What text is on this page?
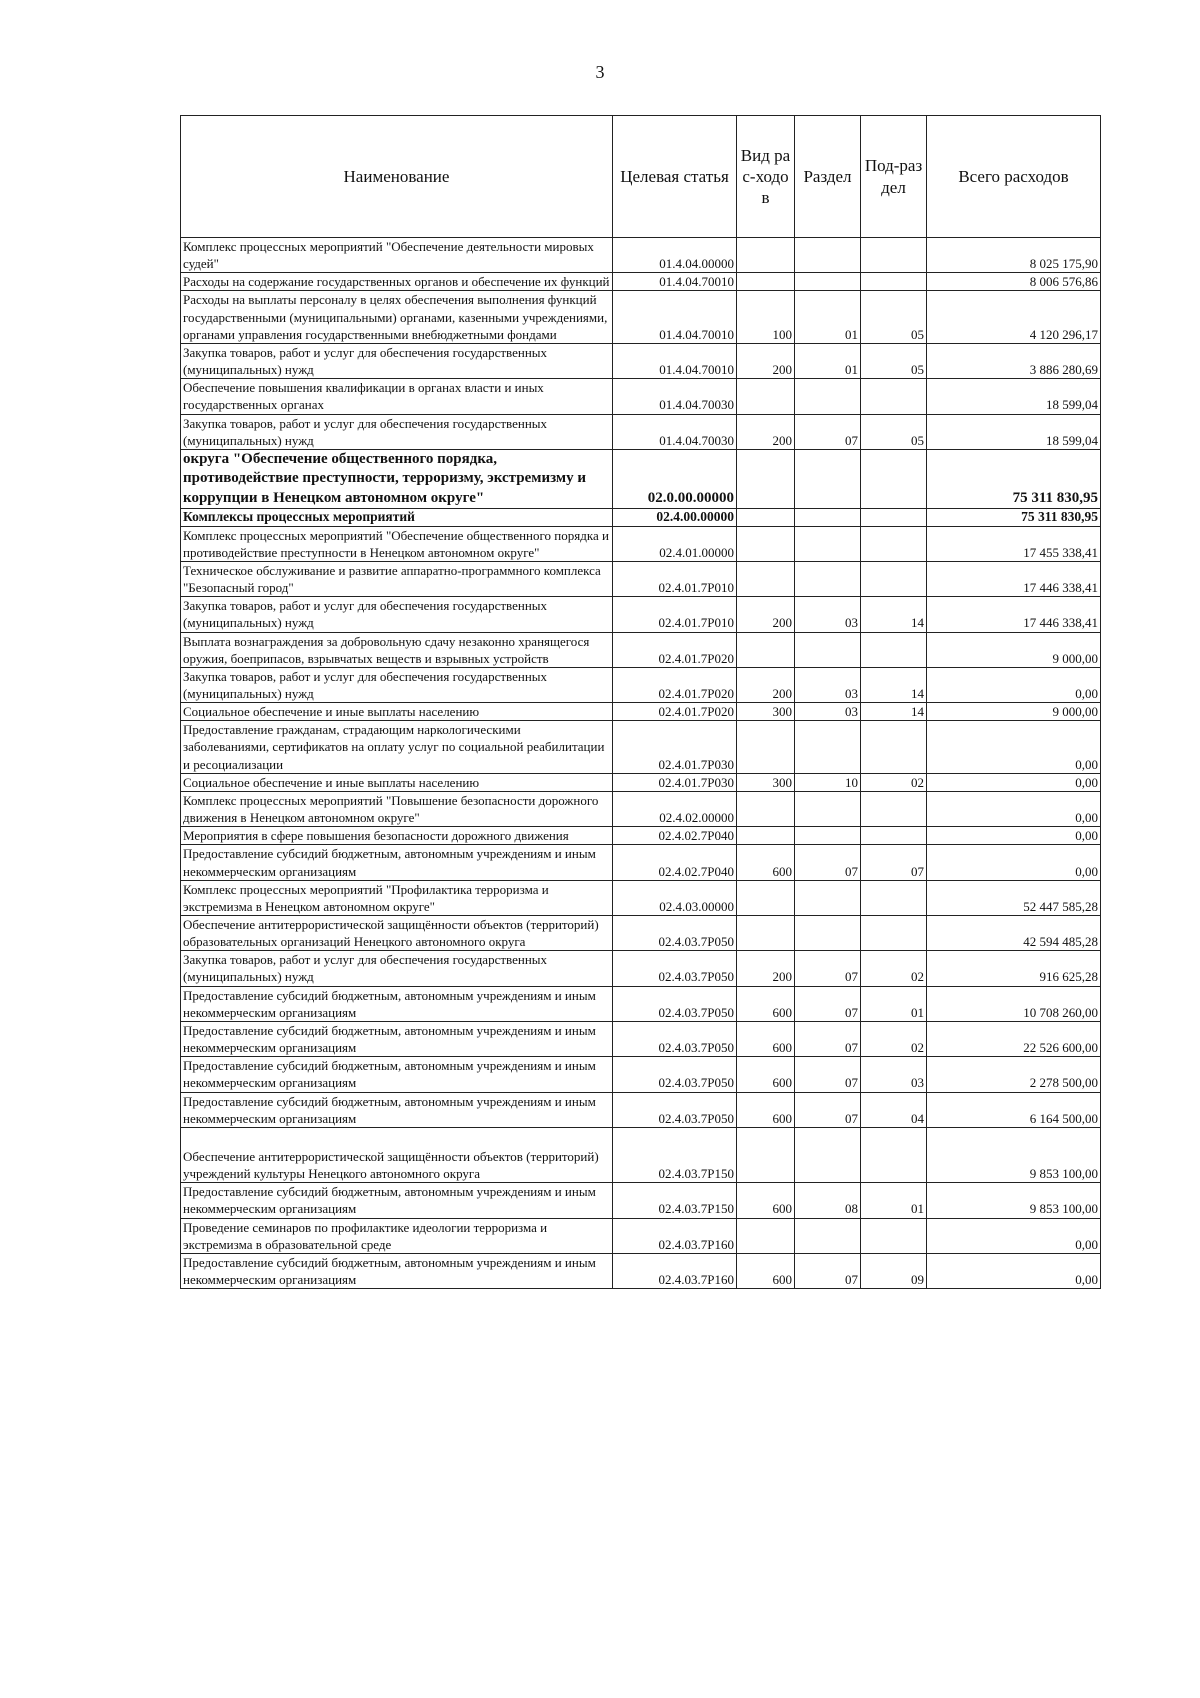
3
Наименование	Целевая статья	Вид рас-ходов	Раздел	Под-раздел	Всего расходов
Комплекс процессных мероприятий "Обеспечение деятельности мировых судей"	01.4.04.00000				8 025 175,90
Расходы на содержание государственных органов и обеспечение их функций	01.4.04.70010				8 006 576,86
Расходы на выплаты персоналу в целях обеспечения выполнения функций государственными (муниципальными) органами, казенными учреждениями, органами управления государственными внебюджетными фондами	01.4.04.70010	100	01	05	4 120 296,17
Закупка товаров, работ и услуг для обеспечения государственных (муниципальных) нужд	01.4.04.70010	200	01	05	3 886 280,69
Обеспечение повышения квалификации в органах власти и иных государственных органах	01.4.04.70030				18 599,04
Закупка товаров, работ и услуг для обеспечения государственных (муниципальных) нужд	01.4.04.70030	200	07	05	18 599,04
округа "Обеспечение общественного порядка, противодействие преступности, терроризму, экстремизму и коррупции в Ненецком автономном округе"	02.0.00.00000				75 311 830,95
Комплексы процессных мероприятий	02.4.00.00000				75 311 830,95
Комплекс процессных мероприятий "Обеспечение общественного порядка и противодействие преступности в Ненецком автономном округе"	02.4.01.00000				17 455 338,41
Техническое обслуживание и развитие аппаратно-программного комплекса "Безопасный город"	02.4.01.7Р010				17 446 338,41
Закупка товаров, работ и услуг для обеспечения государственных (муниципальных) нужд	02.4.01.7Р010	200	03	14	17 446 338,41
Выплата вознаграждения за добровольную сдачу незаконно хранящегося оружия, боеприпасов, взрывчатых веществ и взрывных устройств	02.4.01.7Р020				9 000,00
Закупка товаров, работ и услуг для обеспечения государственных (муниципальных) нужд	02.4.01.7Р020	200	03	14	0,00
Социальное обеспечение и иные выплаты населению	02.4.01.7Р020	300	03	14	9 000,00
Предоставление гражданам, страдающим наркологическими заболеваниями, сертификатов на оплату услуг по социальной реабилитации и ресоциализации	02.4.01.7Р030				0,00
Социальное обеспечение и иные выплаты населению	02.4.01.7Р030	300	10	02	0,00
Комплекс процессных мероприятий "Повышение безопасности дорожного движения в Ненецком автономном округе"	02.4.02.00000				0,00
Мероприятия в сфере повышения безопасности дорожного движения	02.4.02.7Р040				0,00
Предоставление субсидий бюджетным, автономным учреждениям и иным некоммерческим организациям	02.4.02.7Р040	600	07	07	0,00
Комплекс процессных мероприятий "Профилактика терроризма и экстремизма в Ненецком автономном округе"	02.4.03.00000				52 447 585,28
Обеспечение антитеррористической защищённости объектов (территорий) образовательных организаций Ненецкого автономного округа	02.4.03.7Р050				42 594 485,28
Закупка товаров, работ и услуг для обеспечения государственных (муниципальных) нужд	02.4.03.7Р050	200	07	02	916 625,28
Предоставление субсидий бюджетным, автономным учреждениям и иным некоммерческим организациям	02.4.03.7Р050	600	07	01	10 708 260,00
Предоставление субсидий бюджетным, автономным учреждениям и иным некоммерческим организациям	02.4.03.7Р050	600	07	02	22 526 600,00
Предоставление субсидий бюджетным, автономным учреждениям и иным некоммерческим организациям	02.4.03.7Р050	600	07	03	2 278 500,00
Предоставление субсидий бюджетным, автономным учреждениям и иным некоммерческим организациям	02.4.03.7Р050	600	07	04	6 164 500,00
Обеспечение антитеррористической защищённости объектов (территорий) учреждений культуры Ненецкого автономного округа	02.4.03.7Р150				9 853 100,00
Предоставление субсидий бюджетным, автономным учреждениям и иным некоммерческим организациям	02.4.03.7Р150	600	08	01	9 853 100,00
Проведение семинаров по профилактике идеологии терроризма и экстремизма в образовательной среде	02.4.03.7Р160				0,00
Предоставление субсидий бюджетным, автономным учреждениям и иным некоммерческим организациям	02.4.03.7Р160	600	07	09	0,00
